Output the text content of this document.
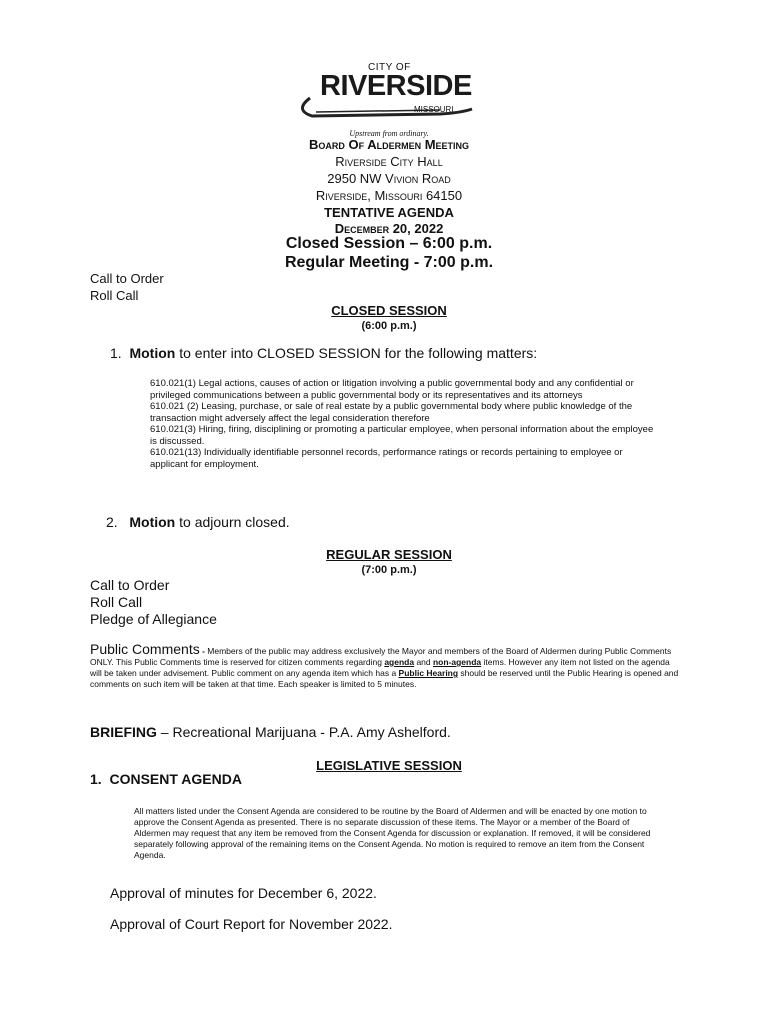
CITY OF
RIVERSIDE
MISSOURI
Upstream from ordinary.
Board Of Aldermen Meeting
Riverside City Hall
2950 NW Vivion Road
Riverside, Missouri 64150
TENTATIVE AGENDA
December 20, 2022
Closed Session – 6:00 p.m.
Regular Meeting - 7:00 p.m.
Call to Order
Roll Call
CLOSED SESSION
(6:00 p.m.)
1. Motion to enter into CLOSED SESSION for the following matters:
610.021(1) Legal actions, causes of action or litigation involving a public governmental body and any confidential or privileged communications between a public governmental body or its representatives and its attorneys
610.021 (2) Leasing, purchase, or sale of real estate by a public governmental body where public knowledge of the transaction might adversely affect the legal consideration therefore
610.021(3) Hiring, firing, disciplining or promoting a particular employee, when personal information about the employee is discussed.
610.021(13) Individually identifiable personnel records, performance ratings or records pertaining to employee or applicant for employment.
2. Motion to adjourn closed.
REGULAR SESSION
(7:00 p.m.)
Call to Order
Roll Call
Pledge of Allegiance
Public Comments - Members of the public may address exclusively the Mayor and members of the Board of Aldermen during Public Comments ONLY. This Public Comments time is reserved for citizen comments regarding agenda and non-agenda items. However any item not listed on the agenda will be taken under advisement. Public comment on any agenda item which has a Public Hearing should be reserved until the Public Hearing is opened and comments on such item will be taken at that time. Each speaker is limited to 5 minutes.
BRIEFING – Recreational Marijuana - P.A. Amy Ashelford.
LEGISLATIVE SESSION
1. CONSENT AGENDA
All matters listed under the Consent Agenda are considered to be routine by the Board of Aldermen and will be enacted by one motion to approve the Consent Agenda as presented. There is no separate discussion of these items. The Mayor or a member of the Board of Aldermen may request that any item be removed from the Consent Agenda for discussion or explanation. If removed, it will be considered separately following approval of the remaining items on the Consent Agenda. No motion is required to remove an item from the Consent Agenda.
Approval of minutes for December 6, 2022.
Approval of Court Report for November 2022.
